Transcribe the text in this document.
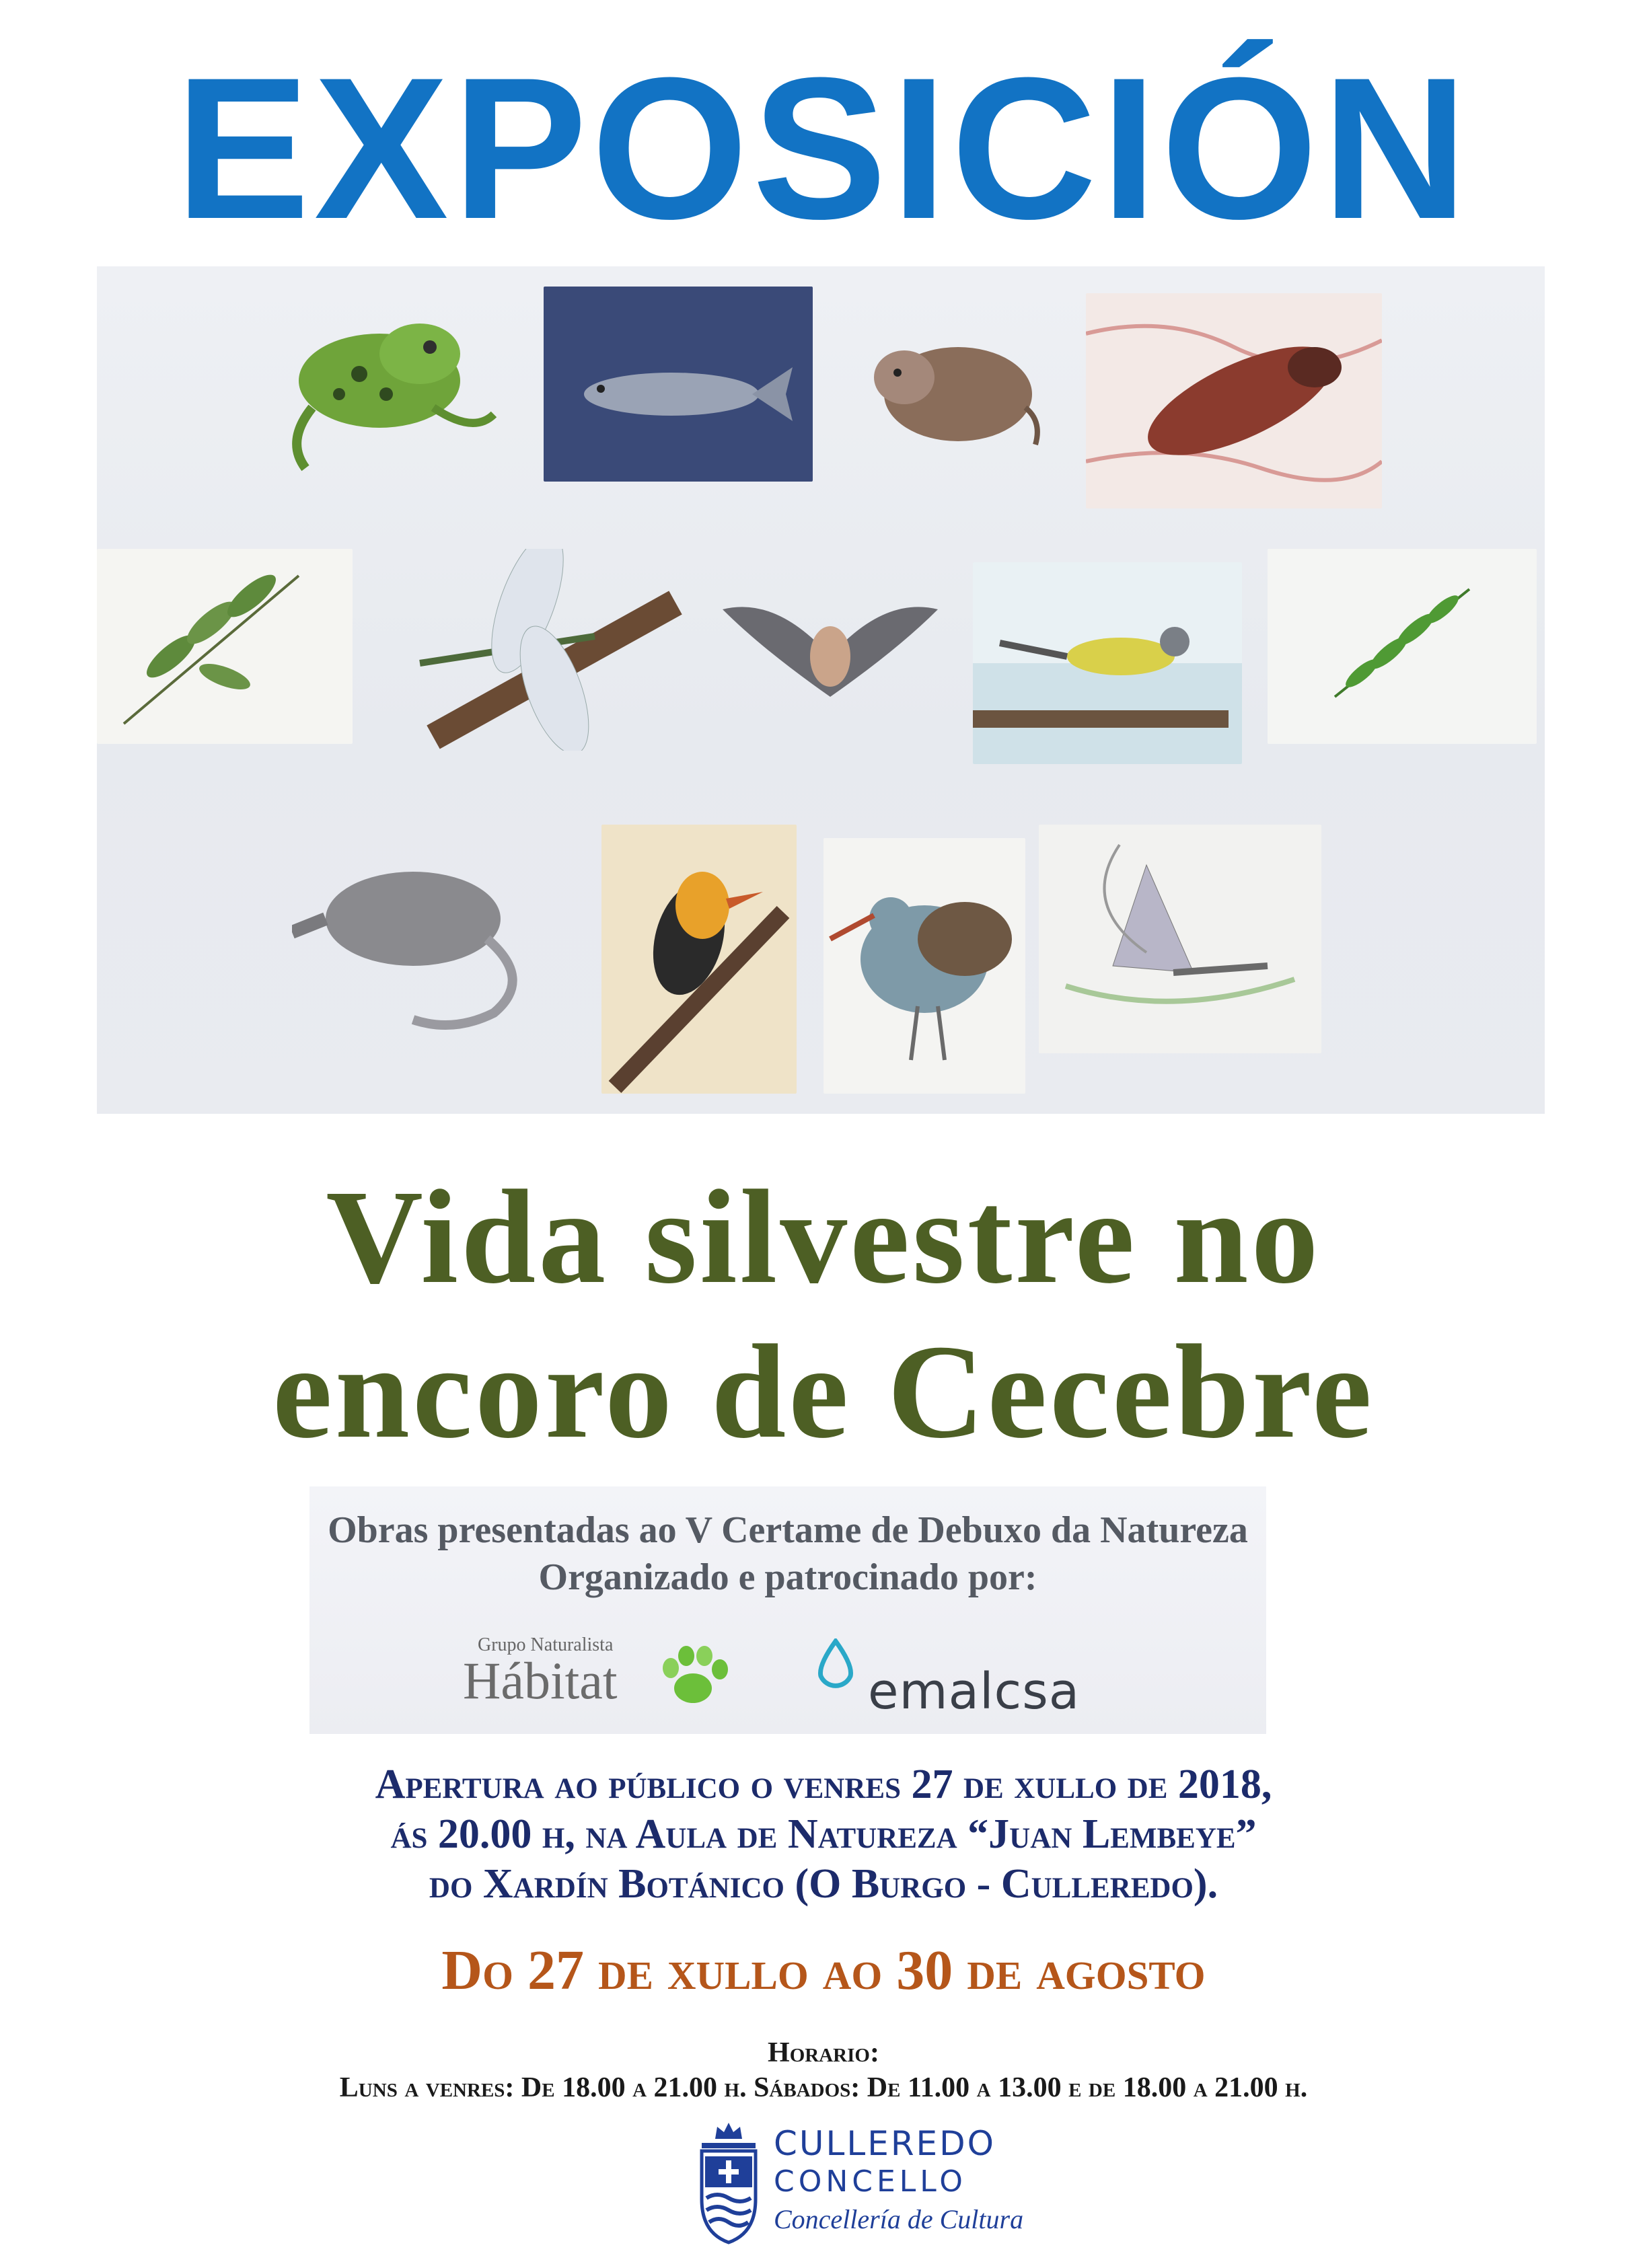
EXPOSICIÓN
Vida silvestre no
encoro de Cecebre
Obras presentadas ao V Certame de Debuxo da Natureza
Organizado e patrocinado por:
Grupo Naturalista
Hábitat	emalcsa
Apertura ao público o venres 27 de xullo de 2018,
ás 20.00 h, na Aula de Natureza “Juan Lembeye”
do Xardín Botánico (O Burgo - Culleredo).
Do 27 de xullo ao 30 de agosto
Horario:
Luns a venres: De 18.00 a 21.00 h. Sábados: De 11.00 a 13.00 e de 18.00 a 21.00 h.
CULLEREDO
CONCELLO
Concellería de Cultura
